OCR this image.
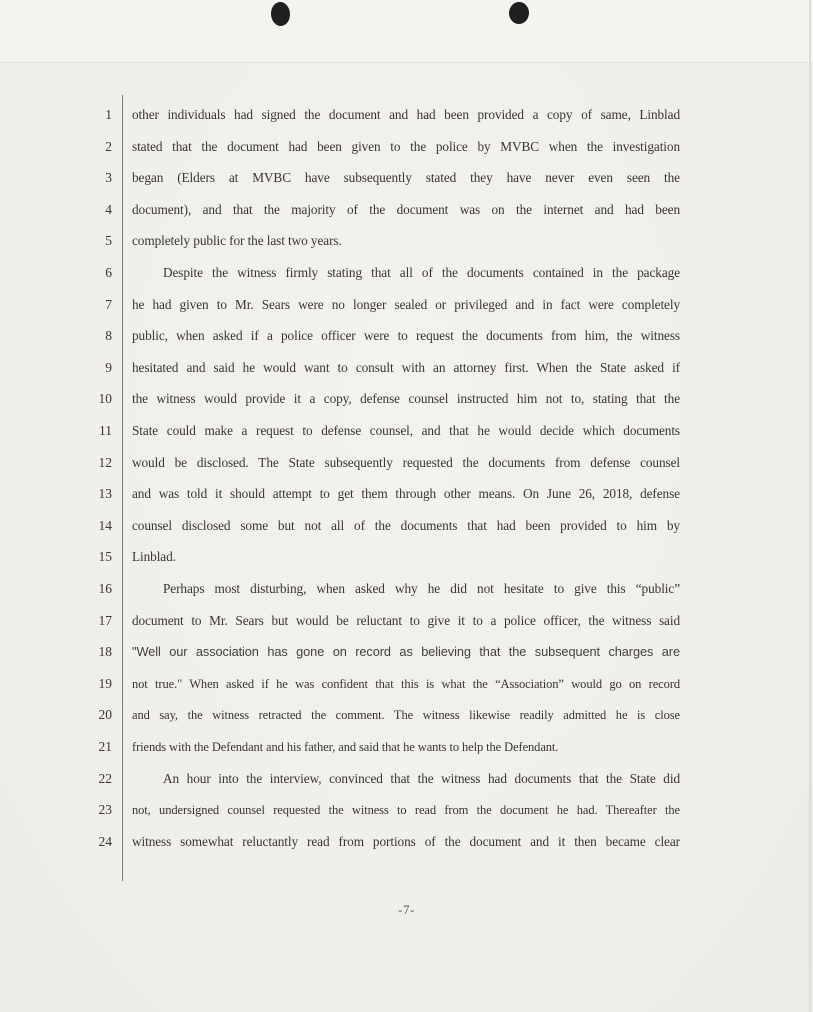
1 other individuals had signed the document and had been provided a copy of same, Linblad
2 stated that the document had been given to the police by MVBC when the investigation
3 began (Elders at MVBC have subsequently stated they have never even seen the
4 document), and that the majority of the document was on the internet and had been
5 completely public for the last two years.
6	Despite the witness firmly stating that all of the documents contained in the package
7 he had given to Mr. Sears were no longer sealed or privileged and in fact were completely
8 public, when asked if a police officer were to request the documents from him, the witness
9 hesitated and said he would want to consult with an attorney first. When the State asked if
10 the witness would provide it a copy, defense counsel instructed him not to, stating that the
11 State could make a request to defense counsel, and that he would decide which documents
12 would be disclosed. The State subsequently requested the documents from defense counsel
13 and was told it should attempt to get them through other means. On June 26, 2018, defense
14 counsel disclosed some but not all of the documents that had been provided to him by
15 Linblad.
16	Perhaps most disturbing, when asked why he did not hesitate to give this “public”
17 document to Mr. Sears but would be reluctant to give it to a police officer, the witness said
18 "Well our association has gone on record as believing that the subsequent charges are
19 not true." When asked if he was confident that this is what the “Association” would go on record
20 and say, the witness retracted the comment. The witness likewise readily admitted he is close
21 friends with the Defendant and his father, and said that he wants to help the Defendant.
22	An hour into the interview, convinced that the witness had documents that the State did
23 not, undersigned counsel requested the witness to read from the document he had. Thereafter the
24 witness somewhat reluctantly read from portions of the document and it then became clear
-7-
